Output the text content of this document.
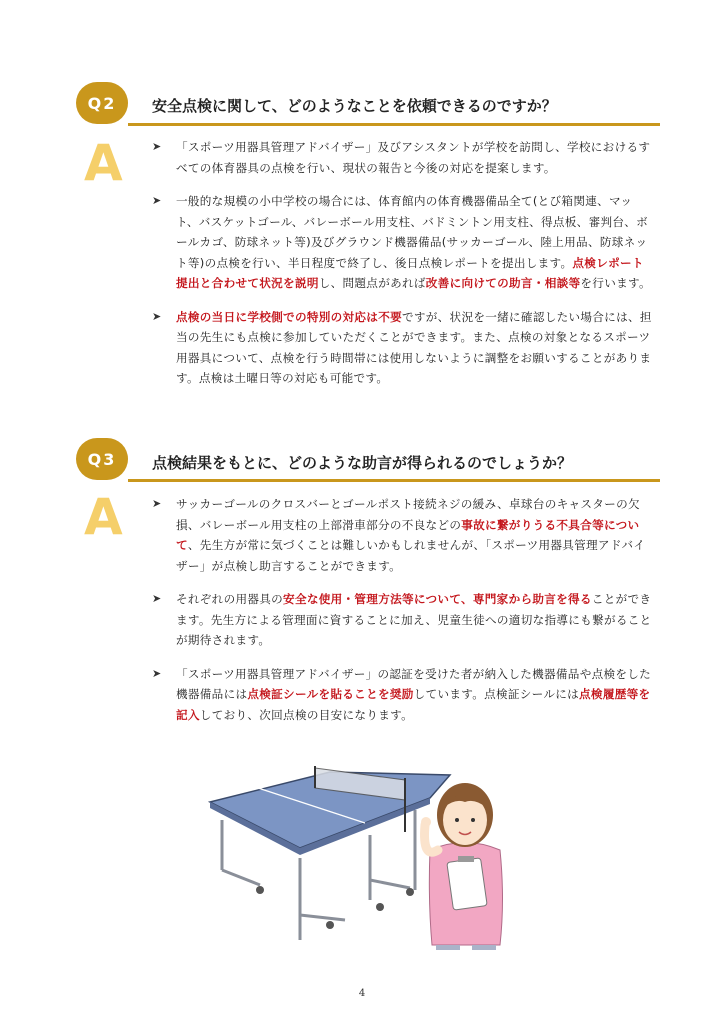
Q2	安全点検に関して、どのようなことを依頼できるのですか？
A	➤ 「スポーツ用器具管理アドバイザー」及びアシスタントが学校を訪問し、学校におけるすべての体育器具の点検を行い、現状の報告と今後の対応を提案します。
➤ 一般的な規模の小中学校の場合には、体育館内の体育機器備品全て(とび箱関連、マット、バスケットゴール、バレーボール用支柱、バドミントン用支柱、得点板、審判台、ボールカゴ、防球ネット等)及びグラウンド機器備品(サッカーゴール、陸上用品、防球ネット等)の点検を行い、半日程度で終了し、後日点検レポートを提出します。点検レポート提出と合わせて状況を説明し、問題点があれば改善に向けての助言・相談等を行います。
➤ 点検の当日に学校側での特別の対応は不要ですが、状況を一緒に確認したい場合には、担当の先生にも点検に参加していただくことができます。また、点検の対象となるスポーツ用器具について、点検を行う時間帯には使用しないように調整をお願いすることがあります。点検は土曜日等の対応も可能です。
Q3	点検結果をもとに、どのような助言が得られるのでしょうか？
A	➤ サッカーゴールのクロスバーとゴールポスト接続ネジの緩み、卓球台のキャスターの欠損、バレーボール用支柱の上部滑車部分の不良などの事故に繋がりうる不具合等について、先生方が常に気づくことは難しいかもしれませんが、「スポーツ用器具管理アドバイザー」が点検し助言することができます。
➤ それぞれの用器具の安全な使用・管理方法等について、専門家から助言を得ることができます。先生方による管理面に資することに加え、児童生徒への適切な指導にも繋がることが期待されます。
➤ 「スポーツ用器具管理アドバイザー」の認証を受けた者が納入した機器備品や点検をした機器備品には点検証シールを貼ることを奨励しています。点検証シールには点検履歴等を記入しており、次回点検の目安になります。
4
